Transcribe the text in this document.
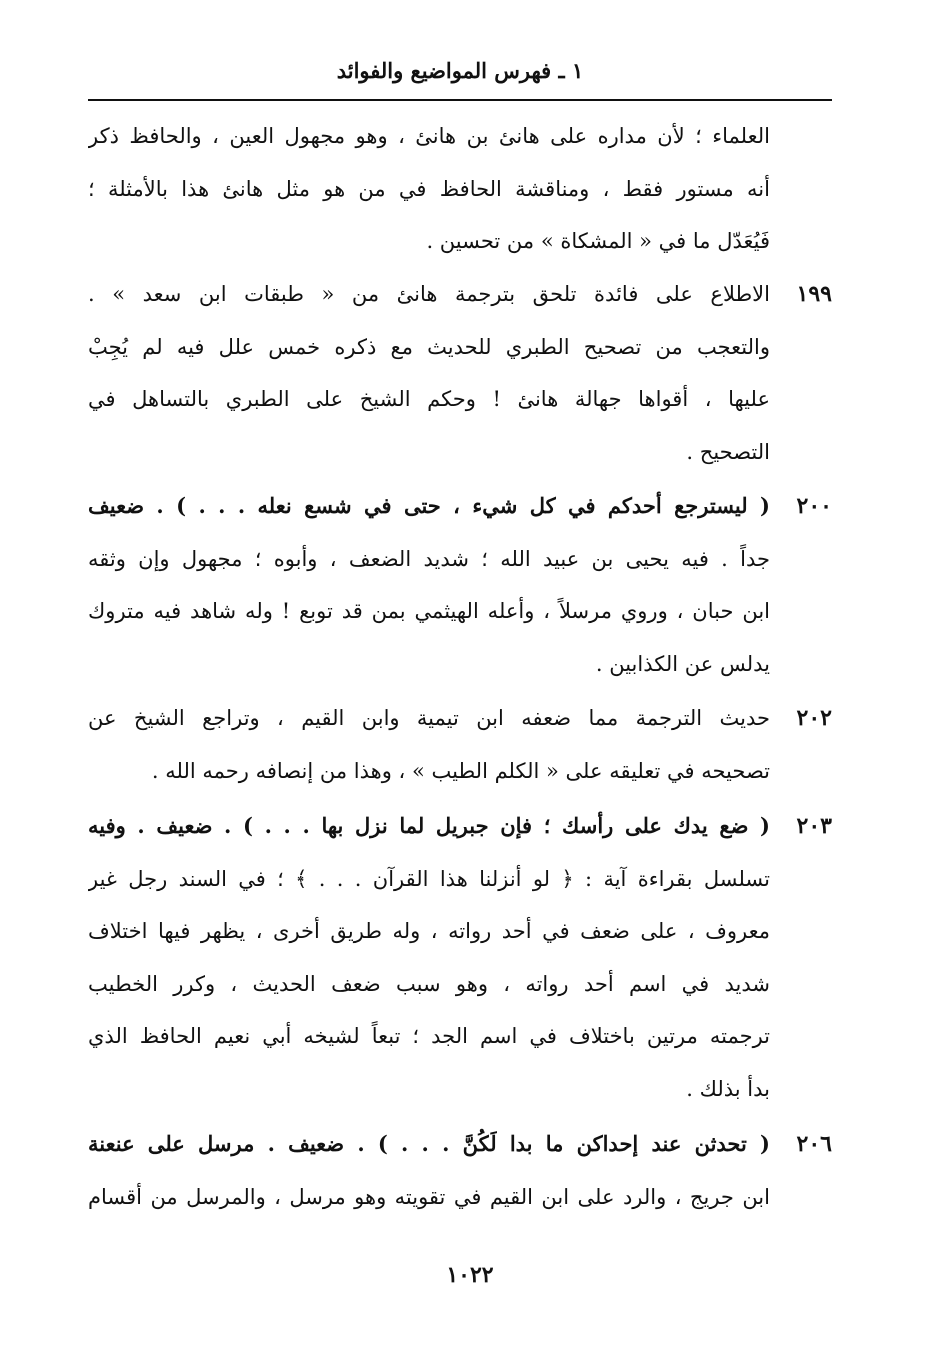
١ ـ فهرس المواضيع والفوائد
العلماء ؛ لأن مداره على هانئ بن هانئ ، وهو مجهول العين ، والحافظ ذكر
أنه مستور فقط ، ومناقشة الحافظ في من هو مثل هانئ هذا بالأمثلة ؛
فَيُعَدّل ما في « المشكاة » من تحسين .
١٩٩
الاطلاع على فائدة تلحق بترجمة هانئ من « طبقات ابن سعد » .
والتعجب من تصحيح الطبري للحديث مع ذكره خمس علل فيه لم يُجِبْ
عليها ، أقواها جهالة هانئ ! وحكم الشيخ على الطبري بالتساهل في
التصحيح .
٢٠٠
( ليسترجع أحدكم في كل شيء ، حتى في شسع نعله . . . ) . ضعيف
جداً . فيه يحيى بن عبيد الله ؛ شديد الضعف ، وأبوه ؛ مجهول وإن وثقه
ابن حبان ، وروي مرسلاً ، وأعله الهيثمي بمن قد توبع ! وله شاهد فيه متروك
يدلس عن الكذابين .
٢٠٢
حديث الترجمة مما ضعفه ابن تيمية وابن القيم ، وتراجع الشيخ عن
تصحيحه في تعليقه على « الكلم الطيب » ، وهذا من إنصافه رحمه الله .
٢٠٣
( ضع يدك على رأسك ؛ فإن جبريل لما نزل بها . . . ) . ضعيف . وفيه
تسلسل بقراءة آية : ﴿ لو أنزلنا هذا القرآن . . . ﴾ ؛ في السند رجل غير
معروف ، على ضعف في أحد رواته ، وله طريق أخرى ، يظهر فيها اختلاف
شديد في اسم أحد رواته ، وهو سبب ضعف الحديث ، وكرر الخطيب
ترجمته مرتين باختلاف في اسم الجد ؛ تبعاً لشيخه أبي نعيم الحافظ الذي
بدأ بذلك .
٢٠٦
( تحدثن عند إحداكن ما بدا لَكُنَّ . . . ) . ضعيف . مرسل على عنعنة
ابن جريج ، والرد على ابن القيم في تقويته وهو مرسل ، والمرسل من أقسام
١٠٢٢
